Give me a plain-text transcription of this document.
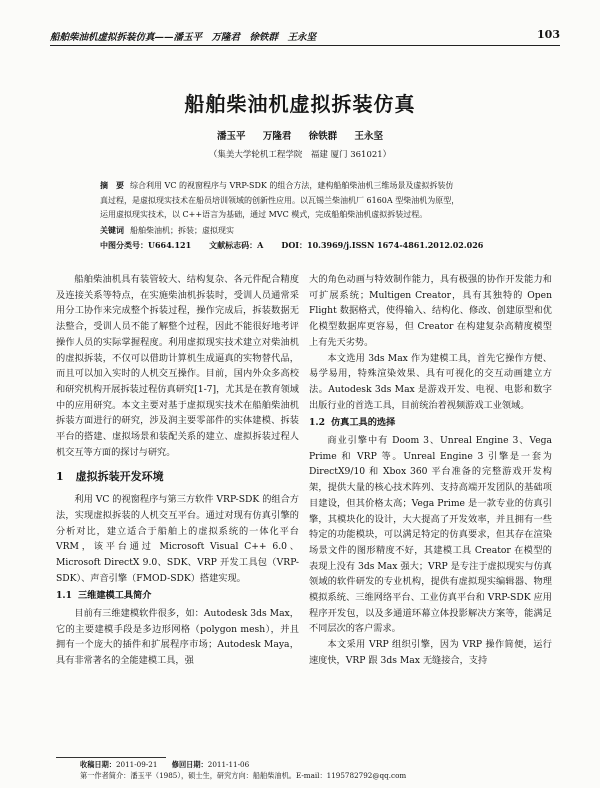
船舶柴油机虚拟拆装仿真——潘玉平　万隆君　徐铁群　王永坚	103
船舶柴油机虚拟拆装仿真
潘玉平 万隆君 徐铁群 王永坚
（集美大学轮机工程学院　福建 厦门 361021）
摘　要 综合利用 VC 的视窗程序与 VRP-SDK 的组合方法，建构船舶柴油机三维场景及虚拟拆装仿
真过程，是虚拟现实技术在船员培训领域的创新性应用。以瓦锡兰柴油机厂 6160A 型柴油机为原型，
运用虚拟现实技术，以 C++语言为基础，通过 MVC 模式，完成船舶柴油机虚拟拆装过程。
关键词 船舶柴油机；拆装；虚拟现实
中图分类号：U664.121 文献标志码：A DOI：10.3969/j.ISSN 1674-4861.2012.02.026

船舶柴油机具有装管较大、结构复杂、各元件配合精度及连接关系等特点，在实施柴油机拆装时，受训人员通常采用分工协作来完成整个拆装过程，操作完成后，拆装数据无法整合，受训人员不能了解整个过程，因此不能很好地考评操作人员的实际掌握程度。利用虚拟现实技术建立对柴油机的虚拟拆装，不仅可以借助计算机生成逼真的实物替代品，而且可以加入实时的人机交互操作。目前，国内外众多高校和研究机构开展拆装过程仿真研究[1-7]，尤其是在教育领域中的应用研究。本文主要对基于虚拟现实技术在船舶柴油机拆装方面进行的研究，涉及润主要零部件的实体建模、拆装平台的搭建、虚拟场景和装配关系的建立、虚拟拆装过程人机交互等方面的探讨与研究。

1 虚拟拆装开发环境

利用 VC 的视窗程序与第三方软件 VRP-SDK 的组合方法，实现虚拟拆装的人机交互平台。通过对现有仿真引擎的分析对比，建立适合于船舶上的虚拟系统的一体化平台 VRM，该平台通过 Microsoft Visual C++ 6.0、Microsoft DirectX 9.0、SDK、VRP 开发工具包（VRP-SDK）、声音引擎（FMOD-SDK）搭建实现。

1.1 三维建模工具简介

目前有三维建模软件很多，如：Autodesk 3ds Max，它的主要建模手段是多边形网格（polygon mesh），并且拥有一个庞大的插件和扩展程序市场；Autodesk Maya，具有非常著名的全能建模工具，强

大的角色动画与特效制作能力，具有极强的协作开发能力和可扩展系统；Multigen Creator，具有其独特的 Open Flight 数据格式，使得输入、结构化、修改、创建原型和优化模型数据库更容易，但 Creator 在构建复杂高精度模型上有先天劣势。

本文选用 3ds Max 作为建模工具，首先它操作方便、易学易用，特殊渲染效果、具有可视化的交互动画建立方法。Autodesk 3ds Max 是游戏开发、电视、电影和数字出版行业的首选工具，目前统治着视频游戏工业领域。

1.2 仿真工具的选择

商业引擎中有 Doom 3、Unreal Engine 3、Vega Prime 和 VRP 等。Unreal Engine 3 引擎是一套为 DirectX9/10 和 Xbox 360 平台准备的完整游戏开发构架，提供大量的核心技术阵列、支持高端开发团队的基础项目建设，但其价格太高；Vega Prime 是一款专业的仿真引擎，其模块化的设计，大大提高了开发效率，并且拥有一些特定的功能模块，可以满足特定的仿真要求，但其存在渲染场景文件的图形精度不好，其建模工具 Creator 在模型的表现上没有 3ds Max 强大；VRP 是专注于虚拟现实与仿真领域的软件研发的专业机构，提供有虚拟现实编辑器、物理模拟系统、三维网络平台、工业仿真平台和 VRP-SDK 应用程序开发包，以及多通道环幕立体投影解决方案等，能满足不同层次的客户需求。

本文采用 VRP 组织引擎，因为 VRP 操作简便，运行速度快，VRP 跟 3ds Max 无缝接合，支持

收稿日期：2011-09-21　　 修回日期：2011-11-06
第一作者简介：潘玉平（1985），硕士生，研究方向：船舶柴油机。E-mail：1195782792@qq.com
